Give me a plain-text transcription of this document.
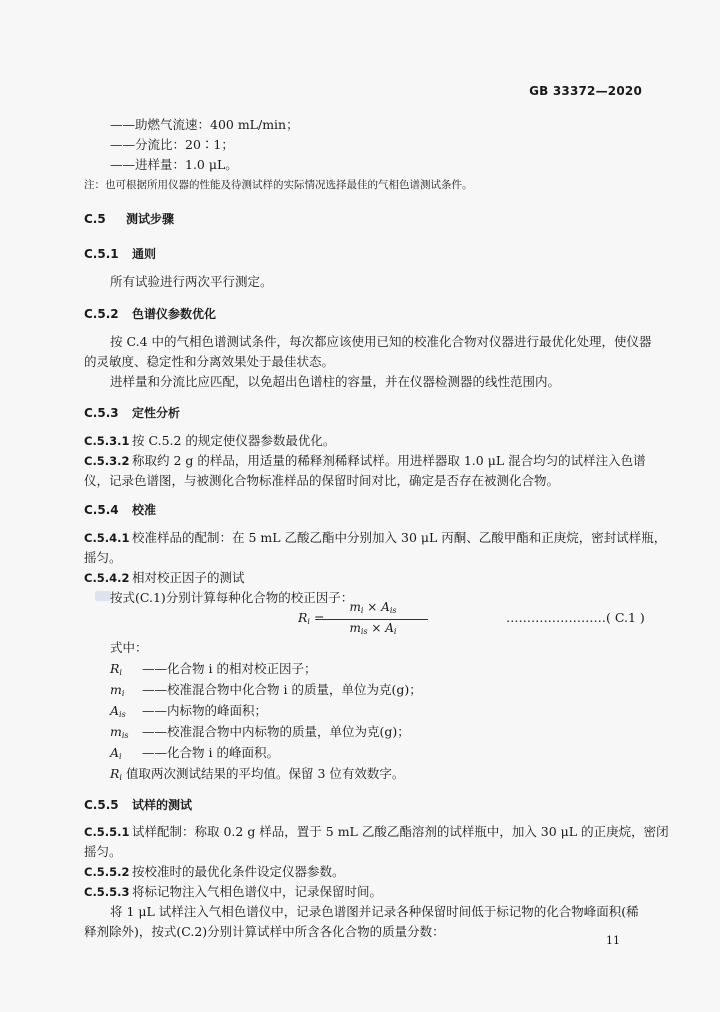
GB 33372—2020
——助燃气流速：400 mL/min；
——分流比：20∶1；
——进样量：1.0 μL。
注：也可根据所用仪器的性能及待测试样的实际情况选择最佳的气相色谱测试条件。
C.5 测试步骤
C.5.1 通则
所有试验进行两次平行测定。
C.5.2 色谱仪参数优化
按 C.4 中的气相色谱测试条件，每次都应该使用已知的校准化合物对仪器进行最优化处理，使仪器
的灵敏度、稳定性和分离效果处于最佳状态。
进样量和分流比应匹配，以免超出色谱柱的容量，并在仪器检测器的线性范围内。
C.5.3 定性分析
C.5.3.1 按 C.5.2 的规定使仪器参数最优化。
C.5.3.2 称取约 2 g 的样品，用适量的稀释剂稀释试样。用进样器取 1.0 μL 混合均匀的试样注入色谱
仪，记录色谱图，与被测化合物标准样品的保留时间对比，确定是否存在被测化合物。
C.5.4 校准
C.5.4.1 校准样品的配制：在 5 mL 乙酸乙酯中分别加入 30 μL 丙酮、乙酸甲酯和正庚烷，密封试样瓶，
摇匀。
C.5.4.2 相对校正因子的测试
按式(C.1)分别计算每种化合物的校正因子：
$R_i$ =
$m_i \times A_{is}$
$m_{is} \times A_i$
……………………( C.1 )
式中：
$R_i$ ——化合物 i 的相对校正因子；
$m_i$ ——校准混合物中化合物 i 的质量，单位为克(g)；
$A_{is}$ ——内标物的峰面积；
$m_{is}$ ——校准混合物中内标物的质量，单位为克(g)；
$A_i$ ——化合物 i 的峰面积。
$R_i$ 值取两次测试结果的平均值。保留 3 位有效数字。
C.5.5 试样的测试
C.5.5.1 试样配制：称取 0.2 g 样品，置于 5 mL 乙酸乙酯溶剂的试样瓶中，加入 30 μL 的正庚烷，密闭
摇匀。
C.5.5.2 按校准时的最优化条件设定仪器参数。
C.5.5.3 将标记物注入气相色谱仪中，记录保留时间。
将 1 μL 试样注入气相色谱仪中，记录色谱图并记录各种保留时间低于标记物的化合物峰面积(稀
释剂除外)，按式(C.2)分别计算试样中所含各化合物的质量分数：
11
